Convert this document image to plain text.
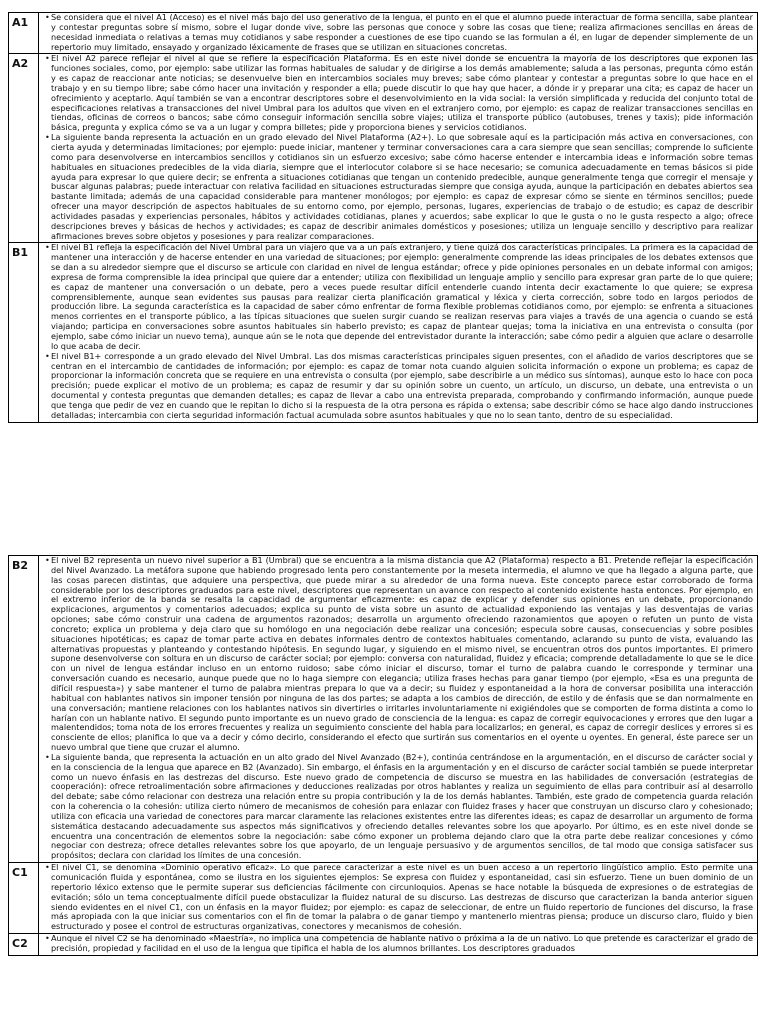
A1	• Se considera que el nivel A1 (Acceso) es el nivel más bajo del uso generativo de la lengua, el punto en el que el alumno puede interactuar de forma sencilla, sabe plantear y contestar preguntas sobre sí mismo, sobre el lugar donde vive, sobre las personas que conoce y sobre las cosas que tiene; realiza afirmaciones sencillas en áreas de necesidad inmediata o relativas a temas muy cotidianos y sabe responder a cuestiones de ese tipo cuando se las formulan a él, en lugar de depender simplemente de un repertorio muy limitado, ensayado y organizado léxicamente de frases que se utilizan en situaciones concretas.

A2	• El nivel A2 parece reflejar el nivel al que se refiere la especificación Plataforma. Es en este nivel donde se encuentra la mayoría de los descriptores que exponen las funciones sociales, como, por ejemplo: sabe utilizar las formas habituales de saludar y de dirigirse a los demás amablemente; saluda a las personas, pregunta cómo están y es capaz de reaccionar ante noticias; se desenvuelve bien en intercambios sociales muy breves; sabe cómo plantear y contestar a preguntas sobre lo que hace en el trabajo y en su tiempo libre; sabe cómo hacer una invitación y responder a ella; puede discutir lo que hay que hacer, a dónde ir y preparar una cita; es capaz de hacer un ofrecimiento y aceptarlo. Aquí también se van a encontrar descriptores sobre el desenvolvimiento en la vida social: la versión simplificada y reducida del conjunto total de especificaciones relativas a transacciones del nivel Umbral para los adultos que viven en el extranjero como, por ejemplo: es capaz de realizar transacciones sencillas en tiendas, oficinas de correos o bancos; sabe cómo conseguir información sencilla sobre viajes; utiliza el transporte público (autobuses, trenes y taxis); pide información básica, pregunta y explica cómo se va a un lugar y compra billetes; pide y proporciona bienes y servicios cotidianos.

• La siguiente banda representa la actuación en un grado elevado del Nivel Plataforma (A2+). Lo que sobresale aquí es la participación más activa en conversaciones, con cierta ayuda y determinadas limitaciones; por ejemplo: puede iniciar, mantener y terminar conversaciones cara a cara siempre que sean sencillas; comprende lo suficiente como para desenvolverse en intercambios sencillos y cotidianos sin un esfuerzo excesivo; sabe cómo hacerse entender e intercambia ideas e información sobre temas habituales en situaciones predecibles de la vida diaria, siempre que el interlocutor colabore si se hace necesario; se comunica adecuadamente en temas básicos si pide ayuda para expresar lo que quiere decir; se enfrenta a situaciones cotidianas que tengan un contenido predecible, aunque generalmente tenga que corregir el mensaje y buscar algunas palabras; puede interactuar con relativa facilidad en situaciones estructuradas siempre que consiga ayuda, aunque la participación en debates abiertos sea bastante limitada; además de una capacidad considerable para mantener monólogos; por ejemplo: es capaz de expresar cómo se siente en términos sencillos; puede ofrecer una mayor descripción de aspectos habituales de su entorno como, por ejemplo, personas, lugares, experiencias de trabajo o de estudio; es capaz de describir actividades pasadas y experiencias personales, hábitos y actividades cotidianas, planes y acuerdos; sabe explicar lo que le gusta o no le gusta respecto a algo; ofrece descripciones breves y básicas de hechos y actividades; es capaz de describir animales domésticos y posesiones; utiliza un lenguaje sencillo y descriptivo para realizar afirmaciones breves sobre objetos y posesiones y para realizar comparaciones.

B1	• El nivel B1 refleja la especificación del Nivel Umbral para un viajero que va a un país extranjero, y tiene quizá dos características principales. La primera es la capacidad de mantener una interacción y de hacerse entender en una variedad de situaciones; por ejemplo: generalmente comprende las ideas principales de los debates extensos que se dan a su alrededor siempre que el discurso se articule con claridad en nivel de lengua estándar; ofrece y pide opiniones personales en un debate informal con amigos; expresa de forma comprensible la idea principal que quiere dar a entender; utiliza con flexibilidad un lenguaje amplio y sencillo para expresar gran parte de lo que quiere; es capaz de mantener una conversación o un debate, pero a veces puede resultar difícil entenderle cuando intenta decir exactamente lo que quiere; se expresa comprensiblemente, aunque sean evidentes sus pausas para realizar cierta planificación gramatical y léxica y cierta corrección, sobre todo en largos periodos de producción libre. La segunda característica es la capacidad de saber cómo enfrentar de forma flexible problemas cotidianos como, por ejemplo: se enfrenta a situaciones menos corrientes en el transporte público, a las típicas situaciones que suelen surgir cuando se realizan reservas para viajes a través de una agencia o cuando se está viajando; participa en conversaciones sobre asuntos habituales sin haberlo previsto; es capaz de plantear quejas; toma la iniciativa en una entrevista o consulta (por ejemplo, sabe cómo iniciar un nuevo tema), aunque aún se le nota que depende del entrevistador durante la interacción; sabe cómo pedir a alguien que aclare o desarrolle lo que acaba de decir.

• El nivel B1+ corresponde a un grado elevado del Nivel Umbral. Las dos mismas características principales siguen presentes, con el añadido de varios descriptores que se centran en el intercambio de cantidades de información; por ejemplo: es capaz de tomar nota cuando alguien solicita información o expone un problema; es capaz de proporcionar la información concreta que se requiere en una entrevista o consulta (por ejemplo, sabe describirle a un médico sus síntomas), aunque esto lo hace con poca precisión; puede explicar el motivo de un problema; es capaz de resumir y dar su opinión sobre un cuento, un artículo, un discurso, un debate, una entrevista o un documental y contesta preguntas que demanden detalles; es capaz de llevar a cabo una entrevista preparada, comprobando y confirmando información, aunque puede que tenga que pedir de vez en cuando que le repitan lo dicho si la respuesta de la otra persona es rápida o extensa; sabe describir cómo se hace algo dando instrucciones detalladas; intercambia con cierta seguridad información factual acumulada sobre asuntos habituales y que no lo sean tanto, dentro de su especialidad.

B2	• El nivel B2 representa un nuevo nivel superior a B1 (Umbral) que se encuentra a la misma distancia que A2 (Plataforma) respecto a B1. Pretende reflejar la especificación del Nivel Avanzado. La metáfora supone que habiendo progresado lenta pero constantemente por la meseta intermedia, el alumno ve que ha llegado a alguna parte, que las cosas parecen distintas, que adquiere una perspectiva, que puede mirar a su alrededor de una forma nueva. Este concepto parece estar corroborado de forma considerable por los descriptores graduados para este nivel, descriptores que representan un avance con respecto al contenido existente hasta entonces. Por ejemplo, en el extremo inferior de la banda se resalta la capacidad de argumentar eficazmente: es capaz de explicar y defender sus opiniones en un debate, proporcionando explicaciones, argumentos y comentarios adecuados; explica su punto de vista sobre un asunto de actualidad exponiendo las ventajas y las desventajas de varias opciones; sabe cómo construir una cadena de argumentos razonados; desarrolla un argumento ofreciendo razonamientos que apoyen o refuten un punto de vista concreto; explica un problema y deja claro que su homólogo en una negociación debe realizar una concesión; especula sobre causas, consecuencias y sobre posibles situaciones hipotéticas; es capaz de tomar parte activa en debates informales dentro de contextos habituales comentando, aclarando su punto de vista, evaluando las alternativas propuestas y planteando y contestando hipótesis. En segundo lugar, y siguiendo en el mismo nivel, se encuentran otros dos puntos importantes. El primero supone desenvolverse con soltura en un discurso de carácter social; por ejemplo: conversa con naturalidad, fluidez y eficacia; comprende detalladamente lo que se le dice con un nivel de lengua estándar incluso en un entorno ruidoso; sabe cómo iniciar el discurso, tomar el turno de palabra cuando le corresponde y terminar una conversación cuando es necesario, aunque puede que no lo haga siempre con elegancia; utiliza frases hechas para ganar tiempo (por ejemplo, «Esa es una pregunta de difícil respuesta») y sabe mantener el turno de palabra mientras prepara lo que va a decir; su fluidez y espontaneidad a la hora de conversar posibilita una interacción habitual con hablantes nativos sin imponer tensión por ninguna de las dos partes; se adapta a los cambios de dirección, de estilo y de énfasis que se dan normalmente en una conversación; mantiene relaciones con los hablantes nativos sin divertirles o irritarles involuntariamente ni exigiéndoles que se comporten de forma distinta a como lo harían con un hablante nativo. El segundo punto importante es un nuevo grado de consciencia de la lengua: es capaz de corregir equivocaciones y errores que den lugar a malentendidos; toma nota de los errores frecuentes y realiza un seguimiento consciente del habla para localizarlos; en general, es capaz de corregir deslices y errores si es consciente de ellos; planifica lo que va a decir y cómo decirlo, considerando el efecto que surtirán sus comentarios en el oyente u oyentes. En general, éste parece ser un nuevo umbral que tiene que cruzar el alumno.

• La siguiente banda, que representa la actuación en un alto grado del Nivel Avanzado (B2+), continúa centrándose en la argumentación, en el discurso de carácter social y en la consciencia de la lengua que aparece en B2 (Avanzado). Sin embargo, el énfasis en la argumentación y en el discurso de carácter social también se puede interpretar como un nuevo énfasis en las destrezas del discurso. Este nuevo grado de competencia de discurso se muestra en las habilidades de conversación (estrategias de cooperación): ofrece retroalimentación sobre afirmaciones y deducciones realizadas por otros hablantes y realiza un seguimiento de ellas para contribuir así al desarrollo del debate; sabe cómo relacionar con destreza una relación entre su propia contribución y la de los demás hablantes. También, este grado de competencia guarda relación con la coherencia o la cohesión: utiliza cierto número de mecanismos de cohesión para enlazar con fluidez frases y hacer que construyan un discurso claro y cohesionado; utiliza con eficacia una variedad de conectores para marcar claramente las relaciones existentes entre las diferentes ideas; es capaz de desarrollar un argumento de forma sistemática destacando adecuadamente sus aspectos más significativos y ofreciendo detalles relevantes sobre los que apoyarlo. Por último, es en este nivel donde se encuentra una concentración de elementos sobre la negociación: sabe cómo exponer un problema dejando claro que la otra parte debe realizar concesiones y cómo negociar con destreza; ofrece detalles relevantes sobre los que apoyarlo, de un lenguaje persuasivo y de argumentos sencillos, de tal modo que consiga satisfacer sus propósitos; declara con claridad los límites de una concesión.

C1	• El nivel C1, se denomina «Dominio operativo eficaz». Lo que parece caracterizar a este nivel es un buen acceso a un repertorio lingüístico amplio. Esto permite una comunicación fluida y espontánea, como se ilustra en los siguientes ejemplos: Se expresa con fluidez y espontaneidad, casi sin esfuerzo. Tiene un buen dominio de un repertorio léxico extenso que le permite superar sus deficiencias fácilmente con circunloquios. Apenas se hace notable la búsqueda de expresiones o de estrategias de evitación; sólo un tema conceptualmente difícil puede obstaculizar la fluidez natural de su discurso. Las destrezas de discurso que caracterizan la banda anterior siguen siendo evidentes en el nivel C1, con un énfasis en la mayor fluidez; por ejemplo: es capaz de seleccionar, de entre un fluido repertorio de funciones del discurso, la frase más apropiada con la que iniciar sus comentarios con el fin de tomar la palabra o de ganar tiempo y mantenerlo mientras piensa; produce un discurso claro, fluido y bien estructurado y posee el control de estructuras organizativas, conectores y mecanismos de cohesión.

C2	• Aunque el nivel C2 se ha denominado «Maestría», no implica una competencia de hablante nativo o próxima a la de un nativo. Lo que pretende es caracterizar el grado de precisión, propiedad y facilidad en el uso de la lengua que tipifica el habla de los alumnos brillantes. Los descriptores graduados
